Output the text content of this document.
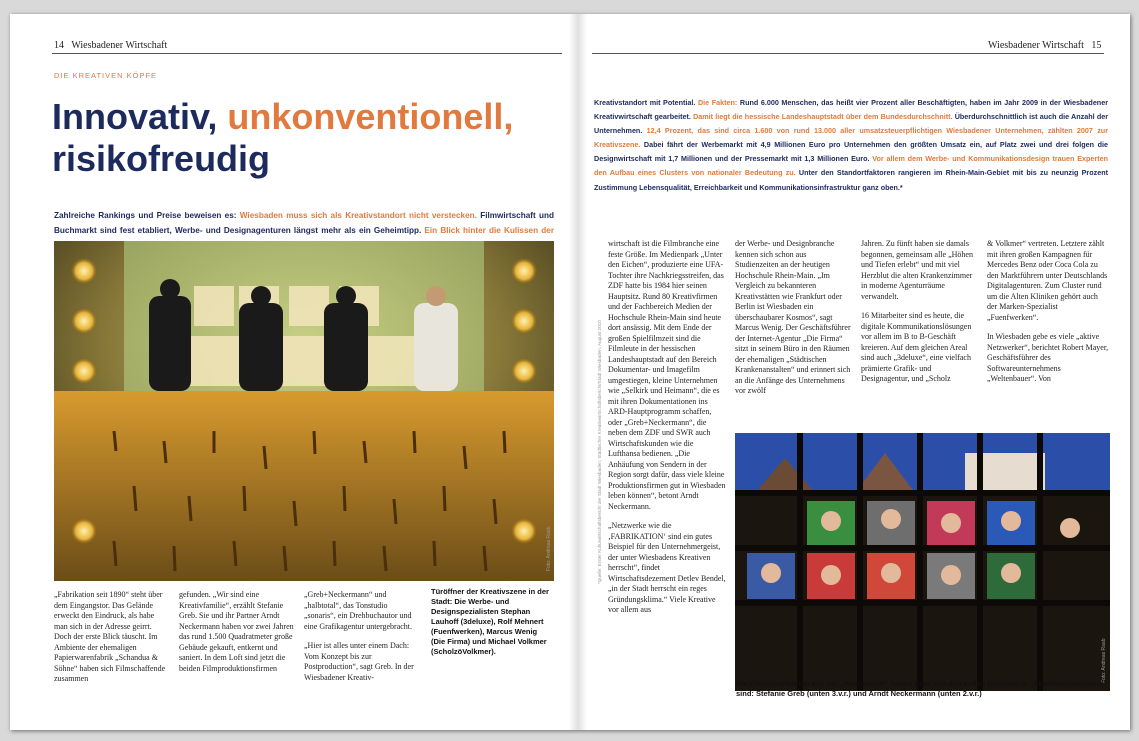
14 Wiesbadener Wirtschaft	Wiesbadener Wirtschaft 15
DIE KREATIVEN KÖPFE
Innovativ, unkonventionell,
risikofreudig
Zahlreiche Rankings und Preise beweisen es: Wiesbaden muss sich als Kreativstandort nicht verstecken. Filmwirtschaft und Buchmarkt sind fest etabliert, Werbe- und Designagenturen längst mehr als ein Geheimtipp. Ein Blick hinter die Kulissen der
Foto: Andreas Raab

„Fabrikation seit 1890“ steht über dem Eingangstor. Das Gelände erweckt den Eindruck, als habe man sich in der Adresse geirrt. Doch der erste Blick täuscht. Im Ambiente der ehemaligen Papierwarenfabrik „Schandua & Söhne“ haben sich Filmschaffende zusammen

gefunden. „Wir sind eine Kreativfamilie“, erzählt Stefanie Greb. Sie und ihr Partner Arndt Neckermann haben vor zwei Jahren das rund 1.500 Quadratmeter große Gebäude gekauft, entkernt und saniert. In dem Loft sind jetzt die beiden Filmproduktionsfirmen

„Greb+Neckermann“ und „halbtotal“, das Tonstudio „sonaris“, ein Drehbuchautor und eine Grafikagentur untergebracht.

„Hier ist alles unter einem Dach: Vom Konzept bis zur Postproduction“, sagt Greb. In der Wiesbadener Kreativ-

Türöffner der Kreativszene in der Stadt: Die Werbe- und Designspezialisten Stephan Lauhoff (3deluxe), Rolf Mehnert (Fuenfwerken), Marcus Wenig (Die Firma) und Michael Volkmer (ScholzöVolkmer).
Kreativstandort mit Potential. Die Fakten: Rund 6.000 Menschen, das heißt vier Prozent aller Beschäftigten, haben im Jahr 2009 in der Wiesbadener Kreativwirtschaft gearbeitet. Damit liegt die hessische Landeshauptstadt über dem Bundesdurchschnitt. Überdurchschnittlich ist auch die Anzahl der Unternehmen. 12,4 Prozent, das sind circa 1.600 von rund 13.000 aller umsatzsteuerpflichtigen Wiesbadener Unternehmen, zählten 2007 zur Kreativszene. Dabei fährt der Werbemarkt mit 4,9 Millionen Euro pro Unternehmen den größten Umsatz ein, auf Platz zwei und drei folgen die Designwirtschaft mit 1,7 Millionen und der Pressemarkt mit 1,3 Millionen Euro. Vor allem dem Werbe- und Kommunikationsdesign trauen Experten den Aufbau eines Clusters von nationaler Bedeutung zu. Unter den Standortfaktoren rangieren im Rhein-Main-Gebiet mit bis zu neunzig Prozent Zustimmung Lebensqualität, Erreichbarkeit und Kommunikationsinfrastruktur ganz oben.*
*Quelle: Erster Kulturwirtschaftsbericht der Stadt Wiesbaden, Städtischer Kreativwirtschaftsbericht/Stadt Wiesbaden, August 2010

wirtschaft ist die Filmbranche eine feste Größe. Im Medienpark „Unter den Eichen“, produzierte eine UFA-Tochter ihre Nachkriegsstreifen, das ZDF hatte bis 1984 hier seinen Hauptsitz. Rund 80 Kreativfirmen und der Fachbereich Medien der Hochschule Rhein-Main sind heute dort ansässig. Mit dem Ende der großen Spielfilmzeit sind die Filmleute in der hessischen Landeshauptstadt auf den Bereich Dokumentar- und Imagefilm umgestiegen, kleine Unternehmen wie „Selkirk und Heimann“, die es mit ihren Dokumentationen ins ARD-Hauptprogramm schaffen, oder „Greb+Neckermann“, die neben dem ZDF und SWR auch Wirtschaftskunden wie die Lufthansa bedienen. „Die Anhäufung von Sendern in der Region sorgt dafür, dass viele kleine Produktionsfirmen gut in Wiesbaden leben können“, betont Arndt Neckermann.

„Netzwerke wie die ‚FABRIKATION‘ sind ein gutes Beispiel für den Unternehmergeist, der unter Wiesbadens Kreativen herrscht“, findet Wirtschaftsdezernent Detlev Bendel, „in der Stadt herrscht ein reges Gründungsklima.“ Viele Kreative vor allem aus

der Werbe- und Designbranche kennen sich schon aus Studienzeiten an der heutigen Hochschule Rhein-Main. „Im Vergleich zu bekannteren Kreativstätten wie Frankfurt oder Berlin ist Wiesbaden ein überschaubarer Kosmos“, sagt Marcus Wenig. Der Geschäftsführer der Internet-Agentur „Die Firma“ sitzt in seinem Büro in den Räumen der ehemaligen „Städtischen Krankenanstalten“ und erinnert sich an die Anfänge des Unternehmens vor zwölf

Jahren. Zu fünft haben sie damals begonnen, gemeinsam alle „Höhen und Tiefen erlebt“ und mit viel Herzblut die alten Krankenzimmer in moderne Agenturräume verwandelt.

16 Mitarbeiter sind es heute, die digitale Kommunikationslösungen vor allem im B to B-Geschäft kreieren. Auf dem gleichen Areal sind auch „3deluxe“, eine vielfach prämierte Grafik- und Designagentur, und „Scholz

& Volkmer“ vertreten. Letztere zählt mit ihren großen Kampagnen für Mercedes Benz oder Coca Cola zu den Marktführern unter Deutschlands Digitalagenturen. Zum Cluster rund um die Alten Kliniken gehört auch der Marken-Spezialist „Fuenfwerken“.

In Wiesbaden gebe es viele „aktive Netzwerker“, berichtet Robert Mayer, Geschäftsführer des Softwareunternehmens „Weltenbauer“. Von

Foto: Andreas Raab
Die Filmschaffenden aus der „Fabrikation“ haben Elan und den vollen Durchblick. „Fabrikationsbesitzer“ sind: Stefanie Greb (unten 3.v.r.) und Arndt Neckermann (unten 2.v.r.)
